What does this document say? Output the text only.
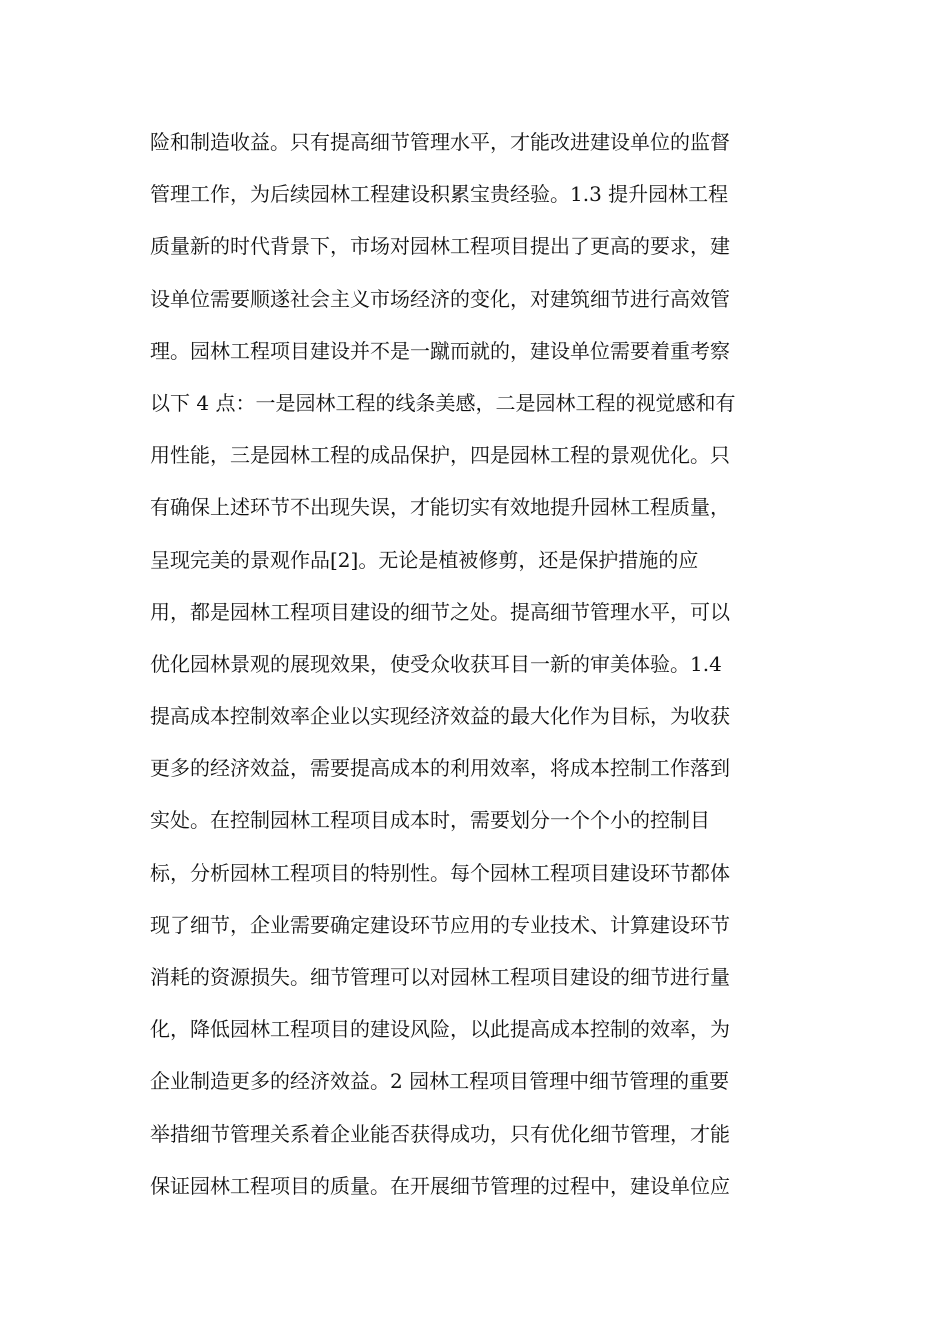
险和制造收益。只有提高细节管理水平，才能改进建设单位的监督
管理工作，为后续园林工程建设积累宝贵经验。1.3 提升园林工程
质量新的时代背景下，市场对园林工程项目提出了更高的要求，建
设单位需要顺遂社会主义市场经济的变化，对建筑细节进行高效管
理。园林工程项目建设并不是一蹴而就的，建设单位需要着重考察
以下 4 点：一是园林工程的线条美感，二是园林工程的视觉感和有
用性能，三是园林工程的成品保护，四是园林工程的景观优化。只
有确保上述环节不出现失误，才能切实有效地提升园林工程质量，
呈现完美的景观作品[2]。无论是植被修剪，还是保护措施的应
用，都是园林工程项目建设的细节之处。提高细节管理水平，可以
优化园林景观的展现效果，使受众收获耳目一新的审美体验。1.4
提高成本控制效率企业以实现经济效益的最大化作为目标，为收获
更多的经济效益，需要提高成本的利用效率，将成本控制工作落到
实处。在控制园林工程项目成本时，需要划分一个个小的控制目
标，分析园林工程项目的特别性。每个园林工程项目建设环节都体
现了细节，企业需要确定建设环节应用的专业技术、计算建设环节
消耗的资源损失。细节管理可以对园林工程项目建设的细节进行量
化，降低园林工程项目的建设风险，以此提高成本控制的效率，为
企业制造更多的经济效益。2 园林工程项目管理中细节管理的重要
举措细节管理关系着企业能否获得成功，只有优化细节管理，才能
保证园林工程项目的质量。在开展细节管理的过程中，建设单位应
